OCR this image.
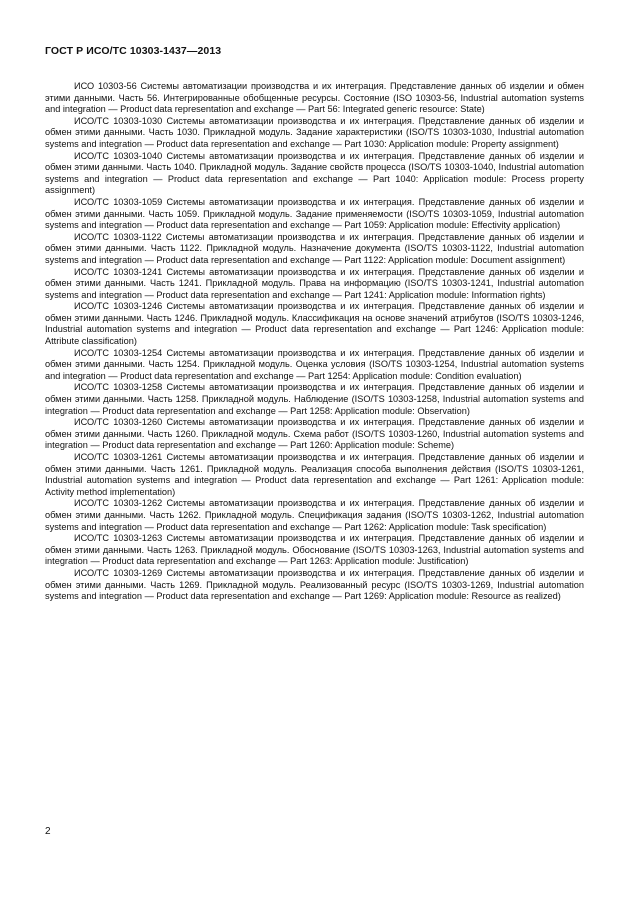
ГОСТ Р ИСО/ТС 10303-1437—2013

ИСО 10303-56 Системы автоматизации производства и их интеграция. Представление данных об изделии и обмен этими данными. Часть 56. Интегрированные обобщенные ресурсы. Состояние (ISO 10303-56, Industrial automation systems and integration — Product data representation and exchange — Part 56: Integrated generic resource: State)

ИСО/ТС 10303-1030 Системы автоматизации производства и их интеграция. Представление данных об изделии и обмен этими данными. Часть 1030. Прикладной модуль. Задание характеристики (ISO/TS 10303-1030, Industrial automation systems and integration — Product data representation and exchange — Part 1030: Application module: Property assignment)

ИСО/ТС 10303-1040 Системы автоматизации производства и их интеграция. Представление данных об изделии и обмен этими данными. Часть 1040. Прикладной модуль. Задание свойств процесса (ISO/TS 10303-1040, Industrial automation systems and integration — Product data representation and exchange — Part 1040: Application module: Process property assignment)

ИСО/ТС 10303-1059 Системы автоматизации производства и их интеграция. Представление данных об изделии и обмен этими данными. Часть 1059. Прикладной модуль. Задание применяемости (ISO/TS 10303-1059, Industrial automation systems and integration — Product data representation and exchange — Part 1059: Application module: Effectivity application)

ИСО/ТС 10303-1122 Системы автоматизации производства и их интеграция. Представление данных об изделии и обмен этими данными. Часть 1122. Прикладной модуль. Назначение документа (ISO/TS 10303-1122, Industrial automation systems and integration — Product data representation and exchange — Part 1122: Application module: Document assignment)

ИСО/ТС 10303-1241 Системы автоматизации производства и их интеграция. Представление данных об изделии и обмен этими данными. Часть 1241. Прикладной модуль. Права на информацию (ISO/TS 10303-1241, Industrial automation systems and integration — Product data representation and exchange — Part 1241: Application module: Information rights)

ИСО/ТС 10303-1246 Системы автоматизации производства и их интеграция. Представление данных об изделии и обмен этими данными. Часть 1246. Прикладной модуль. Классификация на основе значений атрибутов (ISO/TS 10303-1246, Industrial automation systems and integration — Product data representation and exchange — Part 1246: Application module: Attribute classification)

ИСО/ТС 10303-1254 Системы автоматизации производства и их интеграция. Представление данных об изделии и обмен этими данными. Часть 1254. Прикладной модуль. Оценка условия (ISO/TS 10303-1254, Industrial automation systems and integration — Product data representation and exchange — Part 1254: Application module: Condition evaluation)

ИСО/ТС 10303-1258 Системы автоматизации производства и их интеграция. Представление данных об изделии и обмен этими данными. Часть 1258. Прикладной модуль. Наблюдение (ISO/TS 10303-1258, Industrial automation systems and integration — Product data representation and exchange — Part 1258: Application module: Observation)

ИСО/ТС 10303-1260 Системы автоматизации производства и их интеграция. Представление данных об изделии и обмен этими данными. Часть 1260. Прикладной модуль. Схема работ (ISO/TS 10303-1260, Industrial automation systems and integration — Product data representation and exchange — Part 1260: Application module: Scheme)

ИСО/ТС 10303-1261 Системы автоматизации производства и их интеграция. Представление данных об изделии и обмен этими данными. Часть 1261. Прикладной модуль. Реализация способа выполнения действия (ISO/TS 10303-1261, Industrial automation systems and integration — Product data representation and exchange — Part 1261: Application module: Activity method implementation)

ИСО/ТС 10303-1262 Системы автоматизации производства и их интеграция. Представление данных об изделии и обмен этими данными. Часть 1262. Прикладной модуль. Спецификация задания (ISO/TS 10303-1262, Industrial automation systems and integration — Product data representation and exchange — Part 1262: Application module: Task specification)

ИСО/ТС 10303-1263 Системы автоматизации производства и их интеграция. Представление данных об изделии и обмен этими данными. Часть 1263. Прикладной модуль. Обоснование (ISO/TS 10303-1263, Industrial automation systems and integration — Product data representation and exchange — Part 1263: Application module: Justification)

ИСО/ТС 10303-1269 Системы автоматизации производства и их интеграция. Представление данных об изделии и обмен этими данными. Часть 1269. Прикладной модуль. Реализованный ресурс (ISO/TS 10303-1269, Industrial automation systems and integration — Product data representation and exchange — Part 1269: Application module: Resource as realized)

2
